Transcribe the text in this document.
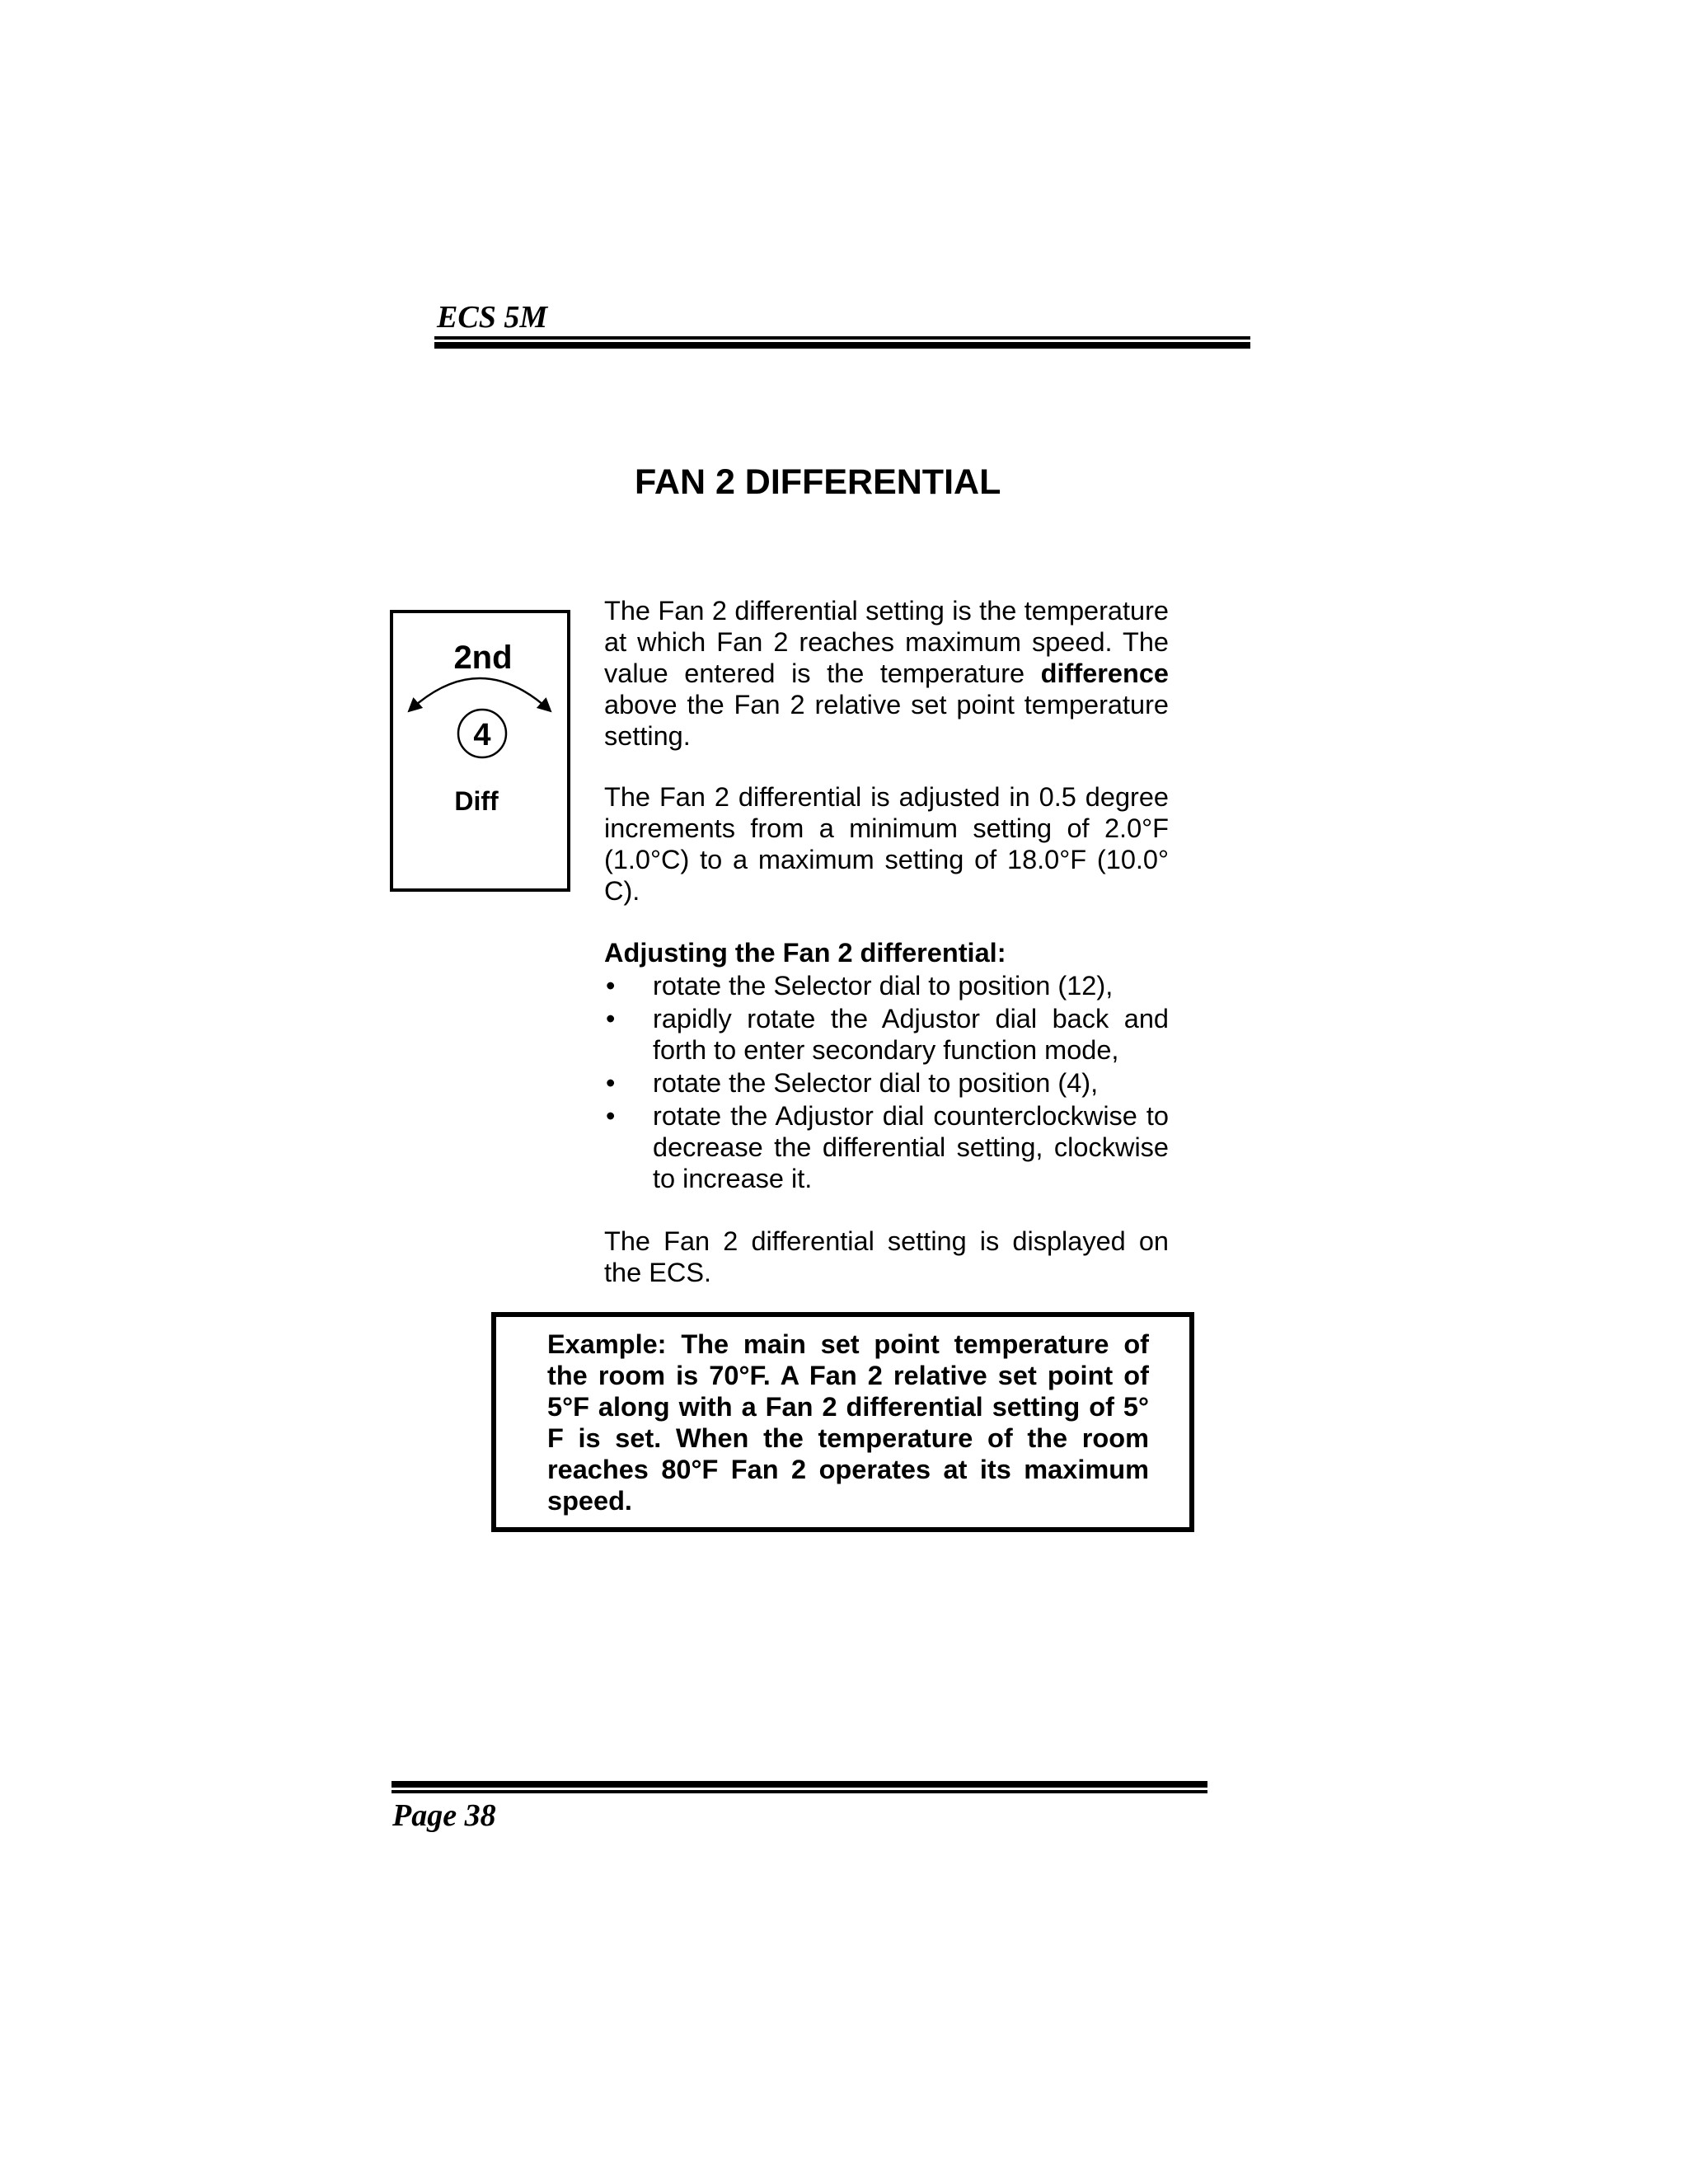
ECS 5M
FAN 2 DIFFERENTIAL
2nd
4
Diff
The Fan 2 differential setting is the temperature at which Fan 2 reaches maximum speed. The value entered is the temperature difference above the Fan 2 relative set point temperature setting.
The Fan 2 differential is adjusted in 0.5 degree increments from a minimum setting of 2.0°F (1.0°C) to a maximum setting of 18.0°F (10.0° C).
Adjusting the Fan 2 differential:
• rotate the Selector dial to position (12),
• rapidly rotate the Adjustor dial back and forth to enter secondary function mode,
• rotate the Selector dial to position (4),
• rotate the Adjustor dial counterclockwise to decrease the differential setting, clockwise to increase it.
The Fan 2 differential setting is displayed on the ECS.
Example: The main set point temperature of the room is 70°F. A Fan 2 relative set point of 5°F along with a Fan 2 differential setting of 5° F is set. When the temperature of the room reaches 80°F Fan 2 operates at its maximum speed.
Page 38
